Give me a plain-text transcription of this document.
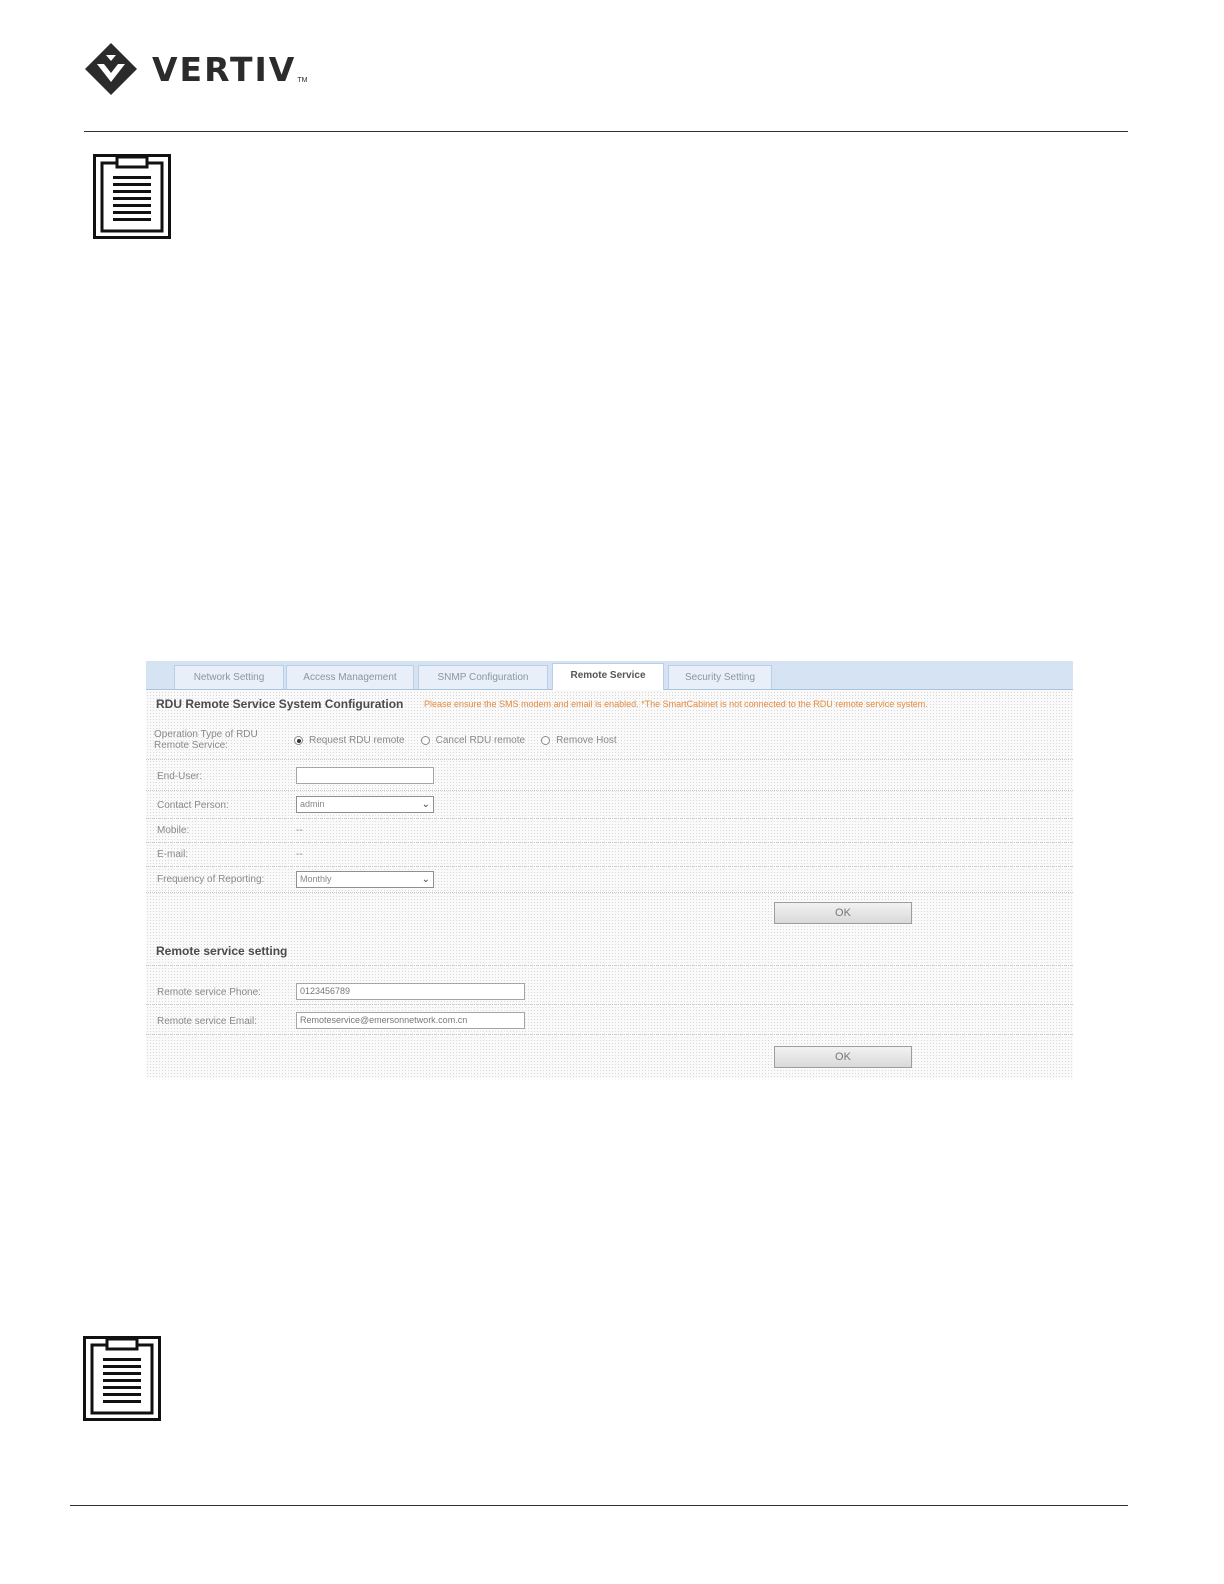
VERTIV TM
Network Setting	Access Management	SNMP Configuration	Remote Service	Security Setting
RDU Remote Service System Configuration Please ensure the SMS modem and email is enabled. *The SmartCabinet is not connected to the RDU remote service system.
Operation Type of RDU Remote Service:	Request RDU remote	Cancel RDU remote	Remove Host
End-User:
Contact Person:	admin	⌄
Mobile:	--
E-mail:	--
Frequency of Reporting:	Monthly	⌄
OK
Remote service setting
Remote service Phone:	0123456789
Remote service Email:	Remoteservice@emersonnetwork.com.cn
OK
